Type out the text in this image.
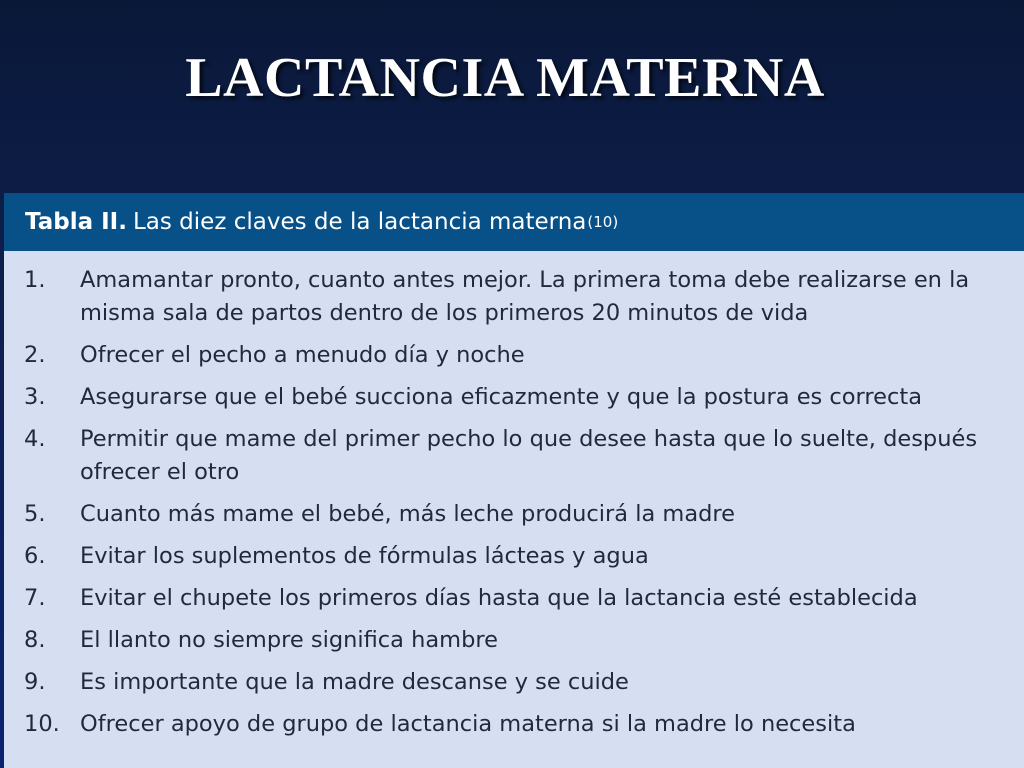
LACTANCIA MATERNA
Tabla II. Las diez claves de la lactancia materna (10)
1.	Amamantar pronto, cuanto antes mejor. La primera toma debe realizarse en la misma sala de partos dentro de los primeros 20 minutos de vida
2.	Ofrecer el pecho a menudo día y noche
3.	Asegurarse que el bebé succiona eficazmente y que la postura es correcta
4.	Permitir que mame del primer pecho lo que desee hasta que lo suelte, después ofrecer el otro
5.	Cuanto más mame el bebé, más leche producirá la madre
6.	Evitar los suplementos de fórmulas lácteas y agua
7.	Evitar el chupete los primeros días hasta que la lactancia esté establecida
8.	El llanto no siempre significa hambre
9.	Es importante que la madre descanse y se cuide
10. Ofrecer apoyo de grupo de lactancia materna si la madre lo necesita
